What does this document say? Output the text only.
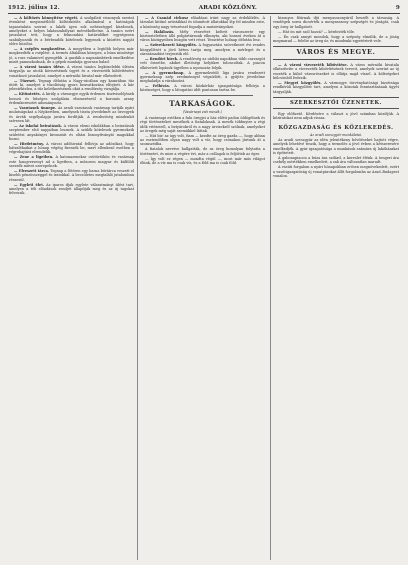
1912. július 12.	ARADI KÖZLÖNY.	9

— A költözés könnyítése végett. A szolgálati viszonyok szerint évenként megismétlődő költözködés alkalmával a hatóságok tapasztalata szerint a lakók igen sok nehézséggel küzdenek, amelyeket a helyes lakásszabályzat mérsékelhetne. A tanács ezért javaslatot tett, hogy a felmondási határidőket egységesen szabályozzák és a bérbeadók kötelesek legyenek a kiürítés napját előre közölni.

— A cséplés megkezdése. A megyében a legtöbb helyen már megkezdték a cséplést. A termés általában közepes, a búza minősége jó, a rozs valamivel gyengébb. A gazdák a napszámbérek emelkedése miatt panaszkodnak, de a gépek munkája gyorsan halad.

— A városi tanács ülése. A városi tanács legközelebbi ülésén tárgyalja az utcák kövezésének ügyét és a vízvezeték kibővítésére vonatkozó javaslatot, amelyet a mérnöki hivatal már elkészített.

— Tűzeset. Tegnap délután a Nagy-utcában egy kamrában tűz ütött ki, amelyet a tűzoltóság gyors beavatkozása elfojtott. A kár jelentéktelen, a tűz keletkezésének okát a rendőrség vizsgálja.

— Kitüntetés. A király a vármegye egyik érdemes tisztviselőjének hosszú és hűséges szolgálata elismeréseül a koronás arany érdemkeresztet adományozta.

— Vasutasok ünnepe. Az aradi vasutasok vasárnap tartják nyári mulatságukat a Népkertben, amelynek tiszta jövedelmét az özvegyek és árvák segélyalapja javára fordítják. A rendezőség mindenkit szívesen lát.

— Az iskolai beiratások. A városi elemi iskolákban a beiratások szeptember első napjaiban lesznek. A szülők kötelesek gyermekeik születési anyakönyvi kivonatát és oltási bizonyítványát magukkal hozni.

— Hirdetmény. A városi adóhivatal felhívja az adózókat, hogy hátralékaikat a hónap végéig fizessék be, mert ellenkező esetben a végrehajtást elrendelik.

— Zene a ligetben. A katonazenekar csütörtökön és vasárnap este hangversenyt ad a ligetben, a műsoron magyar és külföldi szerzők művei szerepelnek.

— Elveszett tárca. Tegnap a főtéren egy barna bőrtárca veszett el kisebb pénzösszeggel és iratokkal. A becsületes megtaláló jutalomban részesül.

— Egyleti élet. Az iparos ifjak egylete választmányi ülést tart, amelyen a téli előadások rendjét állapítják meg és az új tagokat felveszik.

— A Csanád cirkusz előadásai iránt nagy az érdeklődés. A társulat kitűnő artistákkal és idomított állatokkal lép fel minden este, a közönség nagy tetszéssel fogadja a mutatványokat.

— Halálozás. Mély részvétet keltett városszerte egy köztiszteletben álló polgártársunk elhunyta, aki hosszú éveken át a város közügyeiben buzgón vett részt. Temetése holnap délután lesz.

— Szövetkezeti közgyűlés. A fogyasztási szövetkezet évi rendes közgyűlését a jövő héten tartja meg, amelyen a mérleget és a zárszámadást terjesztik elő.

— Rendőri hírek. A rendőrség az utóbbi napokban több csavargót vett őrizetbe, akiket illetőségi helyükre toloncoltak. A piacon elkövetett lopások ügyében a nyomozás folyik.

— A gyermeknap. A gyermekvédő liga javára rendezett gyermeknap szép eredménnyel végződött, a gyűjtés jövedelme meghaladja a várakozást.

— Felhívás. A városi közkórház igazgatósága felhívja a közönséget, hogy a látogatási időt pontosan tartsa be.

TARKASÁGOK.
(Vasárnapi esti mesék.)

A vasárnapi estéken a falu öregjei a ház előtti padon üldögélnek és régi történeteket mesélnek a fiataloknak. A mesék többnyire a régi idők vitézeiről, a betyárokról és a nagy árvizekről szólnak, amelyeket az öregek még saját szemükkel láttak.

— Hát biz' az úgy volt, fiam — kezdte az öreg gazda —, hogy abban az esztendőben olyan nagy volt a víz, hogy csónakon jártunk át a szomszédba.

A fiatalok nevetve hallgatták, de az öreg komolyan folytatta a történetet, és mire a végére ért, már a csillagok is feljöttek az égre.

— Így volt ez régen — mondta végül —, most már más világot élünk, de a víz ma is csak víz, és a föld ma is csak föld.

bizonyos főúrnak ifjú menyasszonyáról beszélt a társaság. A vendégek sorra dicsérték a menyasszony szépségét és jóságát, csak egy öreg úr hallgatott.

— Hát ön mit szól hozzá? — kérdezték tőle.

— Én csak annyit mondok, hogy a szépség elmúlik, de a jóság megmarad — felelte az öreg úr, és mindenki egyetértett vele.

VÁROS ÉS MEGYE.

— A városi vízvezeték kibővítése. A város mérnöki hivatala elkészítette a vízvezeték kibővítésének terveit, amelyek szerint az új vezeték a külső városrészeket is ellátja majd vízzel. A költségeket kölcsönből fedezik.

— Megyei közgyűlés. A vármegye törvényhatósági bizottsága rendkívüli közgyűlést tart, amelyen a közutak fenntartásának ügyét tárgyalják.

SZERKESZTŐI ÜZENETEK.

Egy előfizető. Kérdésére a választ a jövő számban közöljük. A kéziratokat nem adjuk vissza.

KÖZGAZDASÁG ÉS KÖZLEKEDÉS.
Az aradi szeszgyár munkálatai.

Az aradi szeszgyár az idén jelentékeny bővítéseket hajtott végre, amelyek lehetővé teszik, hogy a termelés a jövő évben a kétszeresére emelkedjék. A gyár igazgatósága a munkások számára új lakóházakat is építtetett.

A gabonapiacon a búza ára szilárd, a kereslet élénk. A tengeri ára csekély mértékben emelkedett, a zab ára változatlan maradt.

A vasúti forgalom a nyári hónapokban erősen megnövekedett, ezért a vasútigazgatóság új vonatpárokat állít forgalomba az Arad–Budapest vonalon.
